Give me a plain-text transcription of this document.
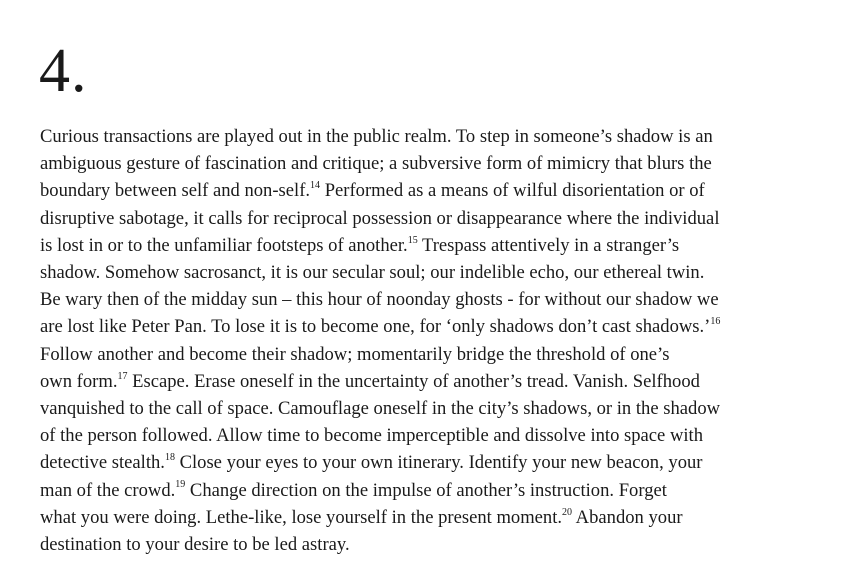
4.

Curious transactions are played out in the public realm. To step in someone’s shadow is an
ambiguous gesture of fascination and critique; a subversive form of mimicry that blurs the
boundary between self and non-self.$^{14}$ Performed as a means of wilful disorientation or of
disruptive sabotage, it calls for reciprocal possession or disappearance where the individual
is lost in or to the unfamiliar footsteps of another.$^{15}$ Trespass attentively in a stranger’s
shadow. Somehow sacrosanct, it is our secular soul; our indelible echo, our ethereal twin.
Be wary then of the midday sun – this hour of noonday ghosts - for without our shadow we
are lost like Peter Pan. To lose it is to become one, for ‘only shadows don’t cast shadows.’$^{16}$
Follow another and become their shadow; momentarily bridge the threshold of one’s
own form.$^{17}$ Escape. Erase oneself in the uncertainty of another’s tread. Vanish. Selfhood
vanquished to the call of space. Camouflage oneself in the city’s shadows, or in the shadow
of the person followed. Allow time to become imperceptible and dissolve into space with
detective stealth.$^{18}$ Close your eyes to your own itinerary. Identify your new beacon, your
man of the crowd.$^{19}$ Change direction on the impulse of another’s instruction. Forget
what you were doing. Lethe-like, lose yourself in the present moment.$^{20}$ Abandon your
destination to your desire to be led astray.
